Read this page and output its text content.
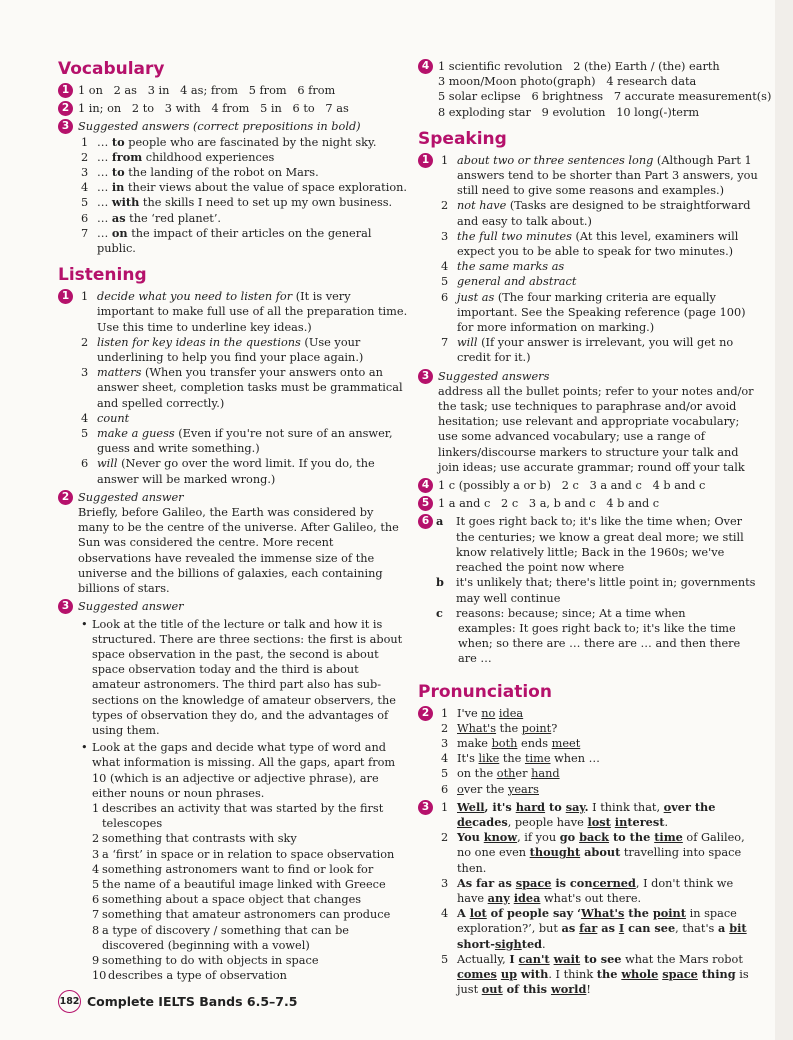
Vocabulary
1 1 on   2 as   3 in   4 as; from   5 from   6 from
2 1 in; on   2 to   3 with   4 from   5 in   6 to   7 as
3 Suggested answers (correct prepositions in bold)
1 … to people who are fascinated by the night sky.
2 … from childhood experiences
3 … to the landing of the robot on Mars.
4 … in their views about the value of space exploration.
5 … with the skills I need to set up my own business.
6 … as the ‘red planet’.
7 … on the impact of their articles on the general public.
Listening
1	1 decide what you need to listen for (It is very important to make full use of all the preparation time. Use this time to underline key ideas.)
2 listen for key ideas in the questions (Use your underlining to help you find your place again.)
3 matters (When you transfer your answers onto an answer sheet, completion tasks must be grammatical and spelled correctly.)
4 count
5 make a guess (Even if you're not sure of an answer, guess and write something.)
6 will (Never go over the word limit. If you do, the answer will be marked wrong.)
2 Suggested answer
Briefly, before Galileo, the Earth was considered by many to be the centre of the universe. After Galileo, the Sun was considered the centre. More recent observations have revealed the immense size of the universe and the billions of galaxies, each containing billions of stars.
3 Suggested answer
• Look at the title of the lecture or talk and how it is structured. There are three sections: the first is about space observation in the past, the second is about space observation today and the third is about amateur astronomers. The third part also has sub-sections on the knowledge of amateur observers, the types of observation they do, and the advantages of using them.
• Look at the gaps and decide what type of word and what information is missing. All the gaps, apart from 10 (which is an adjective or adjective phrase), are either nouns or noun phrases.
1 describes an activity that was started by the first telescopes
2 something that contrasts with sky
3 a ‘first’ in space or in relation to space observation
4 something astronomers want to find or look for
5 the name of a beautiful image linked with Greece
6 something about a space object that changes
7 something that amateur astronomers can produce
8 a type of discovery / something that can be discovered (beginning with a vowel)
9 something to do with objects in space
10 describes a type of observation
4 1 scientific revolution   2 (the) Earth / (the) earth
3 moon/Moon photo(graph)   4 research data
5 solar eclipse   6 brightness   7 accurate measurement(s)
8 exploding star   9 evolution   10 long(-)term
Speaking
1	1 about two or three sentences long (Although Part 1 answers tend to be shorter than Part 3 answers, you still need to give some reasons and examples.)
2 not have (Tasks are designed to be straightforward and easy to talk about.)
3 the full two minutes (At this level, examiners will expect you to be able to speak for two minutes.)
4 the same marks as
5 general and abstract
6 just as (The four marking criteria are equally important. See the Speaking reference (page 100) for more information on marking.)
7 will (If your answer is irrelevant, you will get no credit for it.)
3 Suggested answers
address all the bullet points; refer to your notes and/or the task; use techniques to paraphrase and/or avoid hesitation; use relevant and appropriate vocabulary; use some advanced vocabulary; use a range of linkers/discourse markers to structure your talk and join ideas; use accurate grammar; round off your talk
4 1 c (possibly a or b)   2 c   3 a and c   4 b and c
5 1 a and c   2 c   3 a, b and c   4 b and c
6 a It goes right back to; it's like the time when; Over the centuries; we know a great deal more; we still know relatively little; Back in the 1960s; we've reached the point now where
b it's unlikely that; there's little point in; governments may well continue
c reasons: because; since; At a time when
examples: It goes right back to; it's like the time when; so there are … there are … and then there are …
Pronunciation
2	1 I've no idea
2 What's the point?
3 make both ends meet
4 It's like the time when …
5 on the other hand
6 over the years
3	1 Well, it's hard to say. I think that, over the decades, people have lost interest.
2 You know, if you go back to the time of Galileo, no one even thought about travelling into space then.
3 As far as space is concerned, I don't think we have any idea what's out there.
4 A lot of people say ‘What's the point in space exploration?’, but as far as I can see, that's a bit short-sighted.
5 Actually, I can't wait to see what the Mars robot comes up with. I think the whole space thing is just out of this world!
182 Complete IELTS Bands 6.5–7.5
